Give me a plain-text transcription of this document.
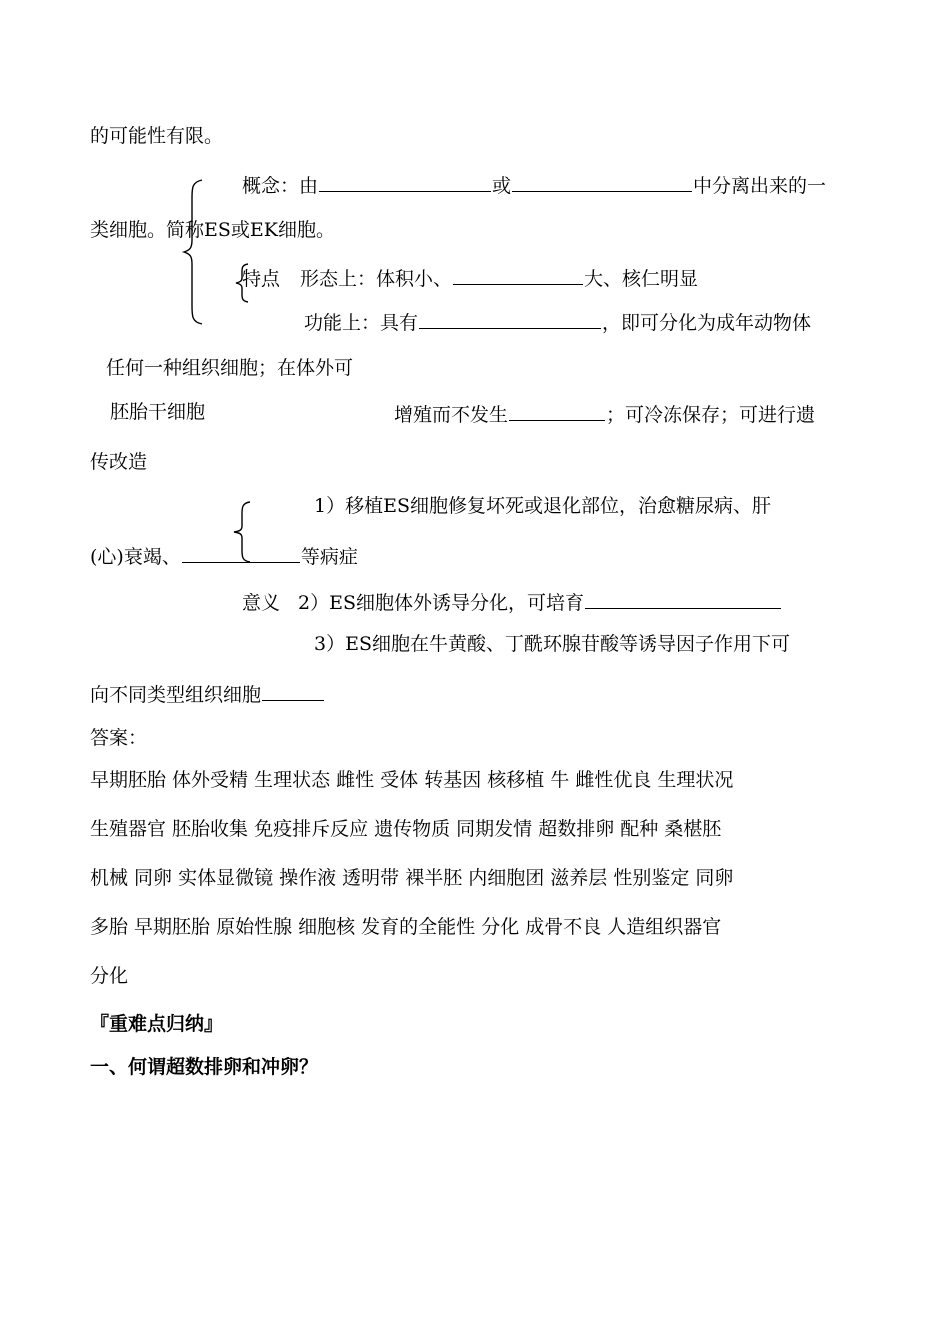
的可能性有限。
概念：由	或	中分离出来的一
类细胞。简称ES或EK细胞。
特点 形态上：体积小、	大、核仁明显
功能上：具有	，即可分化为成年动物体
任何一种组织细胞；在体外可
胚胎干细胞	增殖而不发生	；可冷冻保存；可进行遗
传改造
1）移植ES细胞修复坏死或退化部位，治愈糖尿病、肝
(心)衰竭、	等病症
意义 2）ES细胞体外诱导分化，可培育
3）ES细胞在牛黄酸、丁酰环腺苷酸等诱导因子作用下可
向不同类型组织细胞
答案：
早期胚胎 体外受精 生理状态 雌性 受体 转基因 核移植 牛 雌性优良 生理状况
生殖器官 胚胎收集 免疫排斥反应 遗传物质 同期发情 超数排卵 配种 桑椹胚
机械 同卵 实体显微镜 操作液 透明带 裸半胚 内细胞团 滋养层 性别鉴定 同卵
多胎 早期胚胎 原始性腺 细胞核 发育的全能性 分化 成骨不良 人造组织器官
分化
『重难点归纳』
一、何谓超数排卵和冲卵？
